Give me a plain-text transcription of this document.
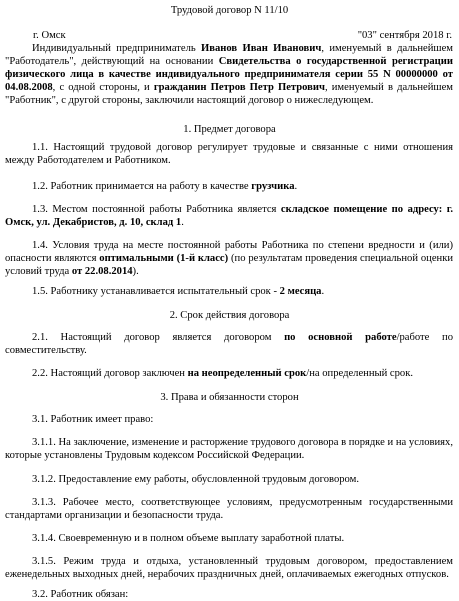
Трудовой договор N 11/10
г. Омск	"03" сентября 2018 г.
Индивидуальный предприниматель Иванов Иван Иванович, именуемый в дальнейшем "Работодатель", действующий на основании Свидетельства о государственной регистрации физического лица в качестве индивидуального предпринимателя серии 55 N 00000000 от 04.08.2008, с одной стороны, и гражданин Петров Петр Петрович, именуемый в дальнейшем "Работник", с другой стороны, заключили настоящий договор о нижеследующем.
1. Предмет договора
1.1. Настоящий трудовой договор регулирует трудовые и связанные с ними отношения между Работодателем и Работником.
1.2. Работник принимается на работу в качестве грузчика.
1.3. Местом постоянной работы Работника является складское помещение по адресу: г. Омск, ул. Декабристов, д. 10, склад 1.
1.4. Условия труда на месте постоянной работы Работника по степени вредности и (или) опасности являются оптимальными (1-й класс) (по результатам проведения специальной оценки условий труда от 22.08.2014).
1.5. Работнику устанавливается испытательный срок - 2 месяца.
2. Срок действия договора
2.1. Настоящий договор является договором по основной работе/работе по совместительству.
2.2. Настоящий договор заключен на неопределенный срок/на определенный срок.
3. Права и обязанности сторон
3.1. Работник имеет право:
3.1.1. На заключение, изменение и расторжение трудового договора в порядке и на условиях, которые установлены Трудовым кодексом Российской Федерации.
3.1.2. Предоставление ему работы, обусловленной трудовым договором.
3.1.3. Рабочее место, соответствующее условиям, предусмотренным государственными стандартами организации и безопасности труда.
3.1.4. Своевременную и в полном объеме выплату заработной платы.
3.1.5. Режим труда и отдыха, установленный трудовым договором, предоставлением еженедельных выходных дней, нерабочих праздничных дней, оплачиваемых ежегодных отпусков.
3.2. Работник обязан:
